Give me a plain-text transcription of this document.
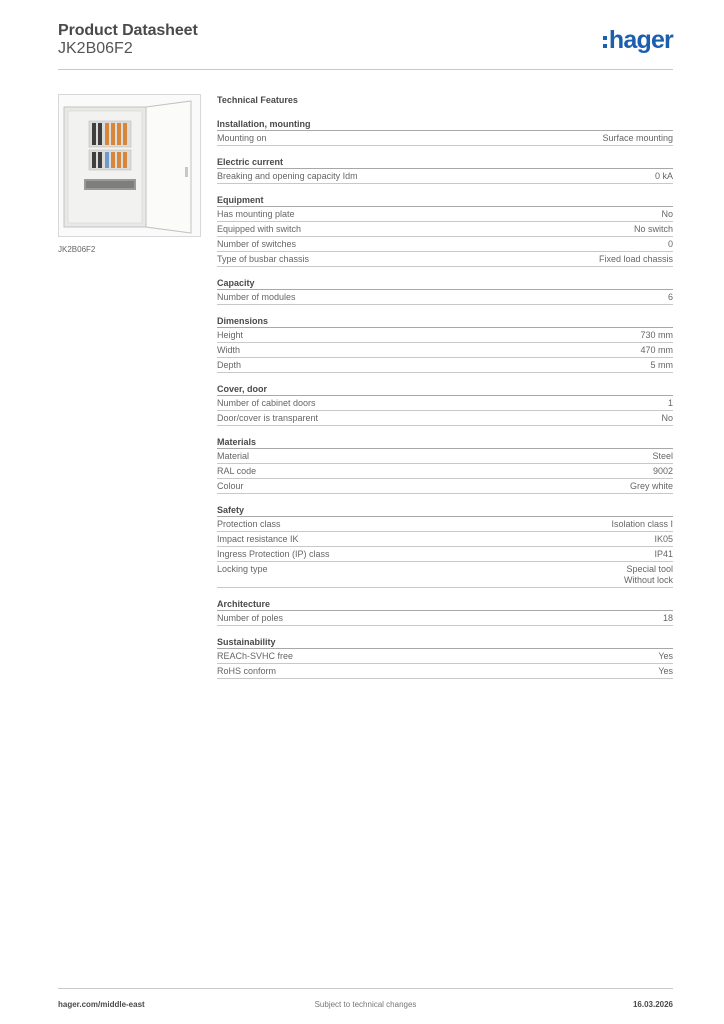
Product Datasheet
JK2B06F2	hager
JK2B06F2
Technical Features
Installation, mounting
Mounting on	Surface mounting
Electric current
Breaking and opening capacity Idm	0 kA
Equipment
Has mounting plate	No
Equipped with switch	No switch
Number of switches	0
Type of busbar chassis	Fixed load chassis
Capacity
Number of modules	6
Dimensions
Height	730 mm
Width	470 mm
Depth	5 mm
Cover, door
Number of cabinet doors	1
Door/cover is transparent	No
Materials
Material	Steel
RAL code	9002
Colour	Grey white
Safety
Protection class	Isolation class I
Impact resistance IK	IK05
Ingress Protection (IP) class	IP41
Locking type	Special tool
Without lock
Architecture
Number of poles	18
Sustainability
REACh-SVHC free	Yes
RoHS conform	Yes
hager.com/middle-east	Subject to technical changes	16.03.2026
